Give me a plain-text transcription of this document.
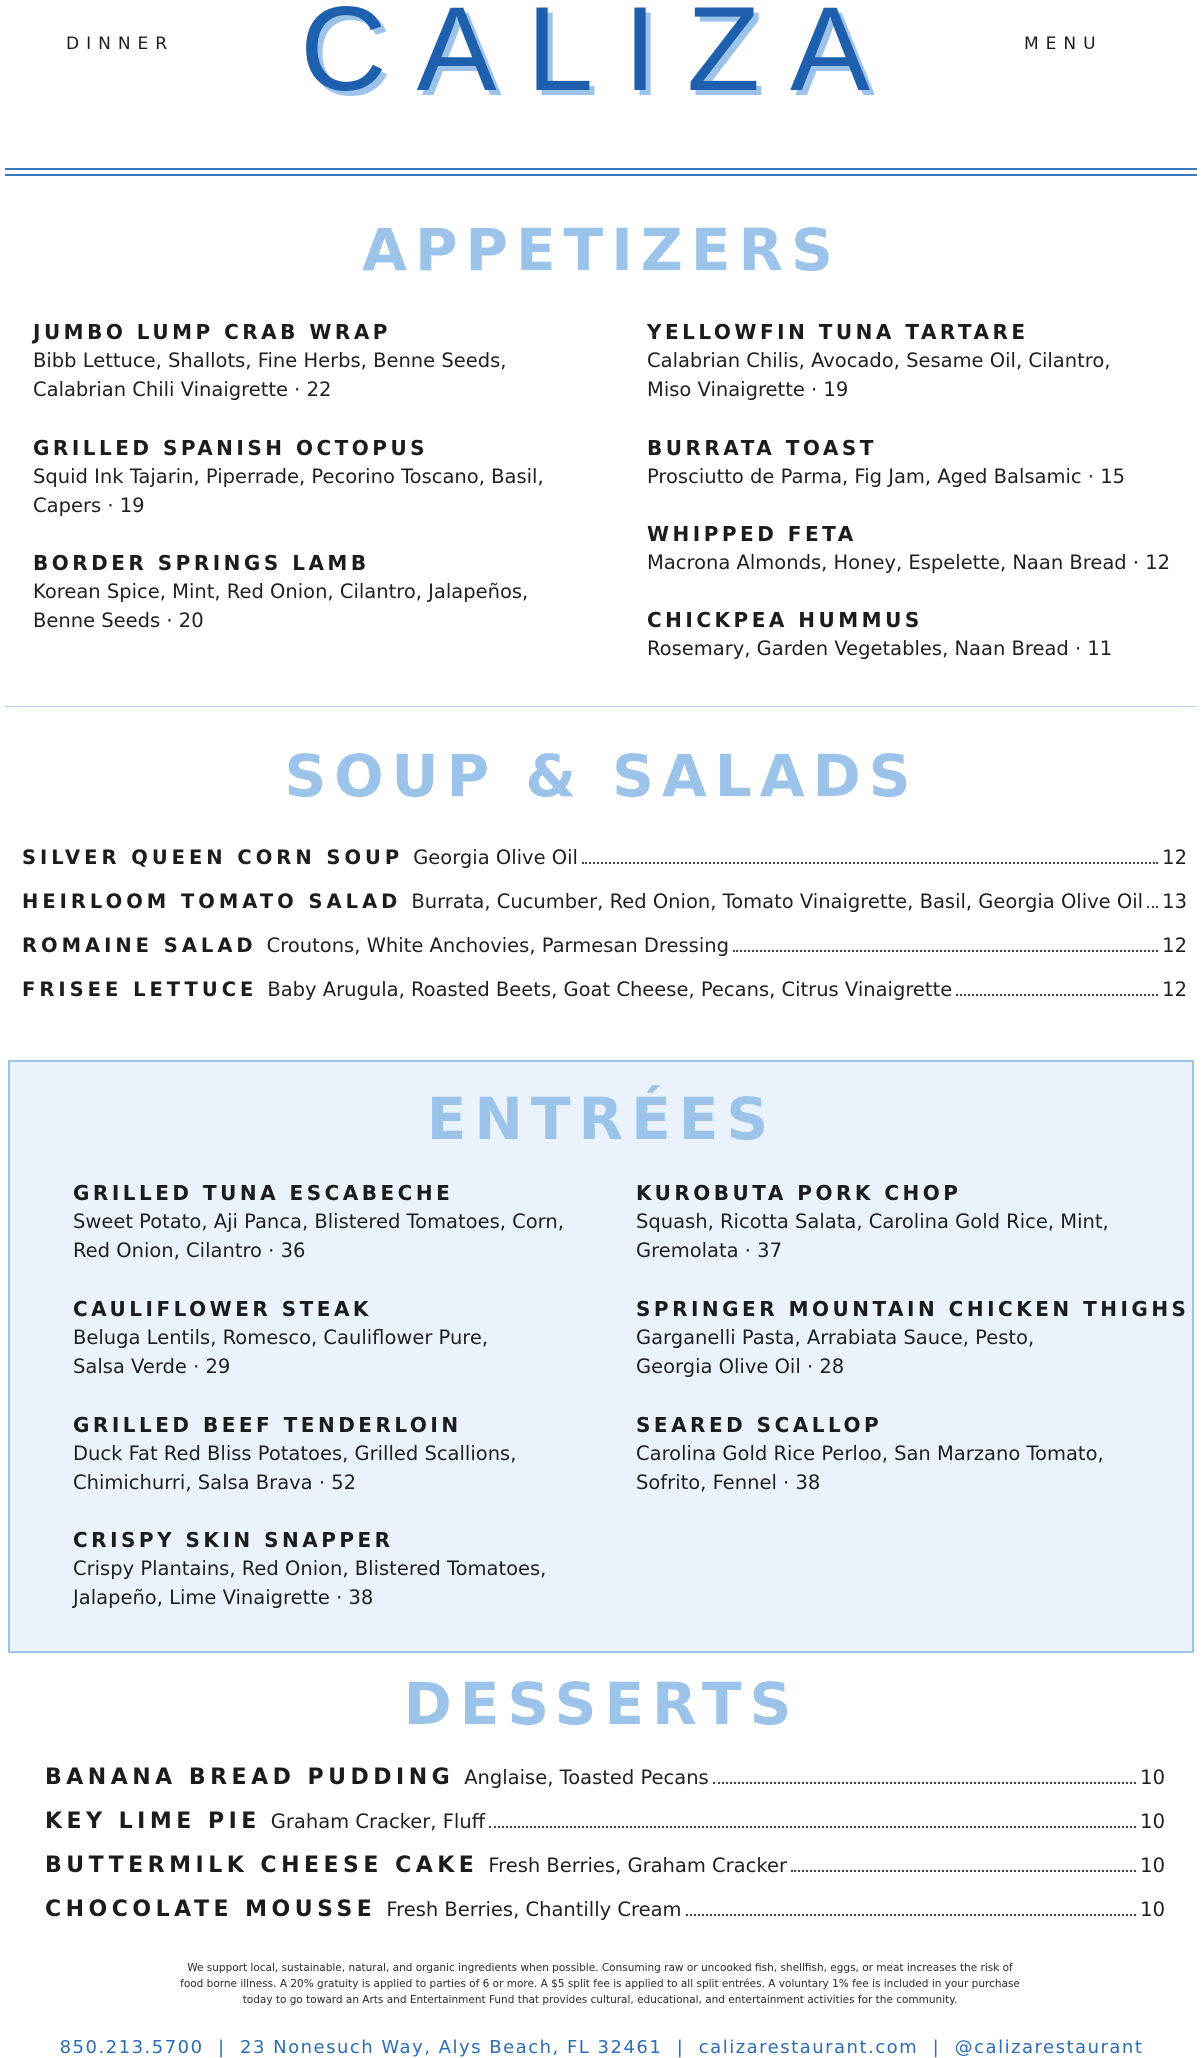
DINNER	CALIZA	MENU
APPETIZERS
JUMBO LUMP CRAB WRAP
Bibb Lettuce, Shallots, Fine Herbs, Benne Seeds,
Calabrian Chili Vinaigrette · 22
GRILLED SPANISH OCTOPUS
Squid Ink Tajarin, Piperrade, Pecorino Toscano, Basil,
Capers · 19
BORDER SPRINGS LAMB
Korean Spice, Mint, Red Onion, Cilantro, Jalapeños,
Benne Seeds · 20
YELLOWFIN TUNA TARTARE
Calabrian Chilis, Avocado, Sesame Oil, Cilantro,
Miso Vinaigrette · 19
BURRATA TOAST
Prosciutto de Parma, Fig Jam, Aged Balsamic · 15
WHIPPED FETA
Macrona Almonds, Honey, Espelette, Naan Bread · 12
CHICKPEA HUMMUS
Rosemary, Garden Vegetables, Naan Bread · 11
SOUP & SALADS
SILVER QUEEN CORN SOUP Georgia Olive Oil	12
HEIRLOOM TOMATO SALAD Burrata, Cucumber, Red Onion, Tomato Vinaigrette, Basil, Georgia Olive Oil 13
ROMAINE SALAD Croutons, White Anchovies, Parmesan Dressing	12
FRISEE LETTUCE Baby Arugula, Roasted Beets, Goat Cheese, Pecans, Citrus Vinaigrette	12
ENTRÉES
GRILLED TUNA ESCABECHE
Sweet Potato, Aji Panca, Blistered Tomatoes, Corn,
Red Onion, Cilantro · 36
CAULIFLOWER STEAK
Beluga Lentils, Romesco, Cauliflower Pure,
Salsa Verde · 29
GRILLED BEEF TENDERLOIN
Duck Fat Red Bliss Potatoes, Grilled Scallions,
Chimichurri, Salsa Brava · 52
CRISPY SKIN SNAPPER
Crispy Plantains, Red Onion, Blistered Tomatoes,
Jalapeño, Lime Vinaigrette · 38
KUROBUTA PORK CHOP
Squash, Ricotta Salata, Carolina Gold Rice, Mint,
Gremolata · 37
SPRINGER MOUNTAIN CHICKEN THIGHS
Garganelli Pasta, Arrabiata Sauce, Pesto,
Georgia Olive Oil · 28
SEARED SCALLOP
Carolina Gold Rice Perloo, San Marzano Tomato,
Sofrito, Fennel · 38
DESSERTS
BANANA BREAD PUDDING Anglaise, Toasted Pecans	10
KEY LIME PIE Graham Cracker, Fluff	10
BUTTERMILK CHEESE CAKE Fresh Berries, Graham Cracker	10
CHOCOLATE MOUSSE Fresh Berries, Chantilly Cream	10
We support local, sustainable, natural, and organic ingredients when possible. Consuming raw or uncooked fish, shellfish, eggs, or meat increases the risk of
food borne illness. A 20% gratuity is applied to parties of 6 or more. A $5 split fee is applied to all split entrées. A voluntary 1% fee is included in your purchase
today to go toward an Arts and Entertainment Fund that provides cultural, educational, and entertainment activities for the community.
850.213.5700  |  23 Nonesuch Way, Alys Beach, FL 32461  |  calizarestaurant.com  |  @calizarestaurant
